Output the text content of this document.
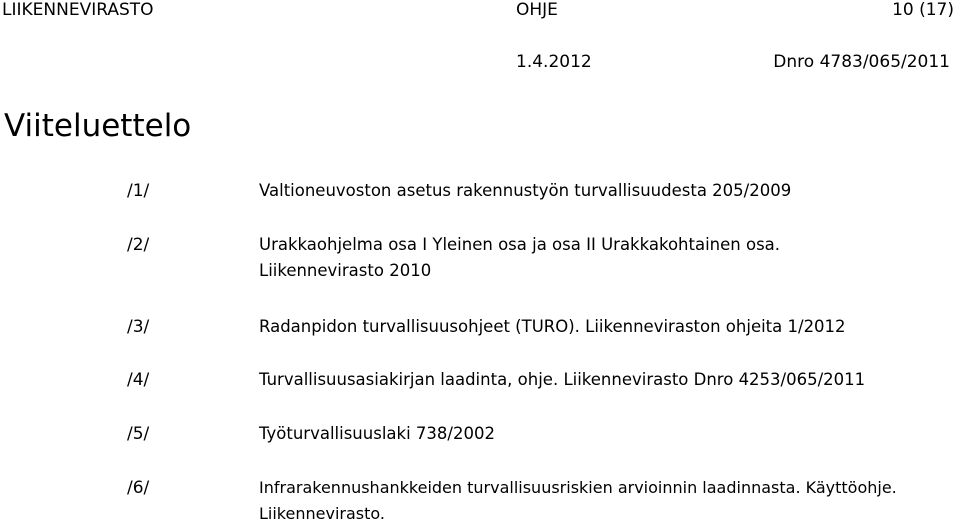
LIIKENNEVIRASTO	OHJE	10 (17)
1.4.2012	Dnro 4783/065/2011
Viiteluettelo
/1/	Valtioneuvoston asetus rakennustyön turvallisuudesta 205/2009
/2/	Urakkaohjelma osa I Yleinen osa ja osa II Urakkakohtainen osa. Liikennevirasto 2010
/3/	Radanpidon turvallisuusohjeet (TURO). Liikenneviraston ohjeita 1/2012
/4/	Turvallisuusasiakirjan laadinta, ohje. Liikennevirasto Dnro 4253/065/2011
/5/	Työturvallisuuslaki 738/2002
/6/	Infrarakennushankkeiden turvallisuusriskien arvioinnin laadinnasta. Käyttöohje. Liikennevirasto.
